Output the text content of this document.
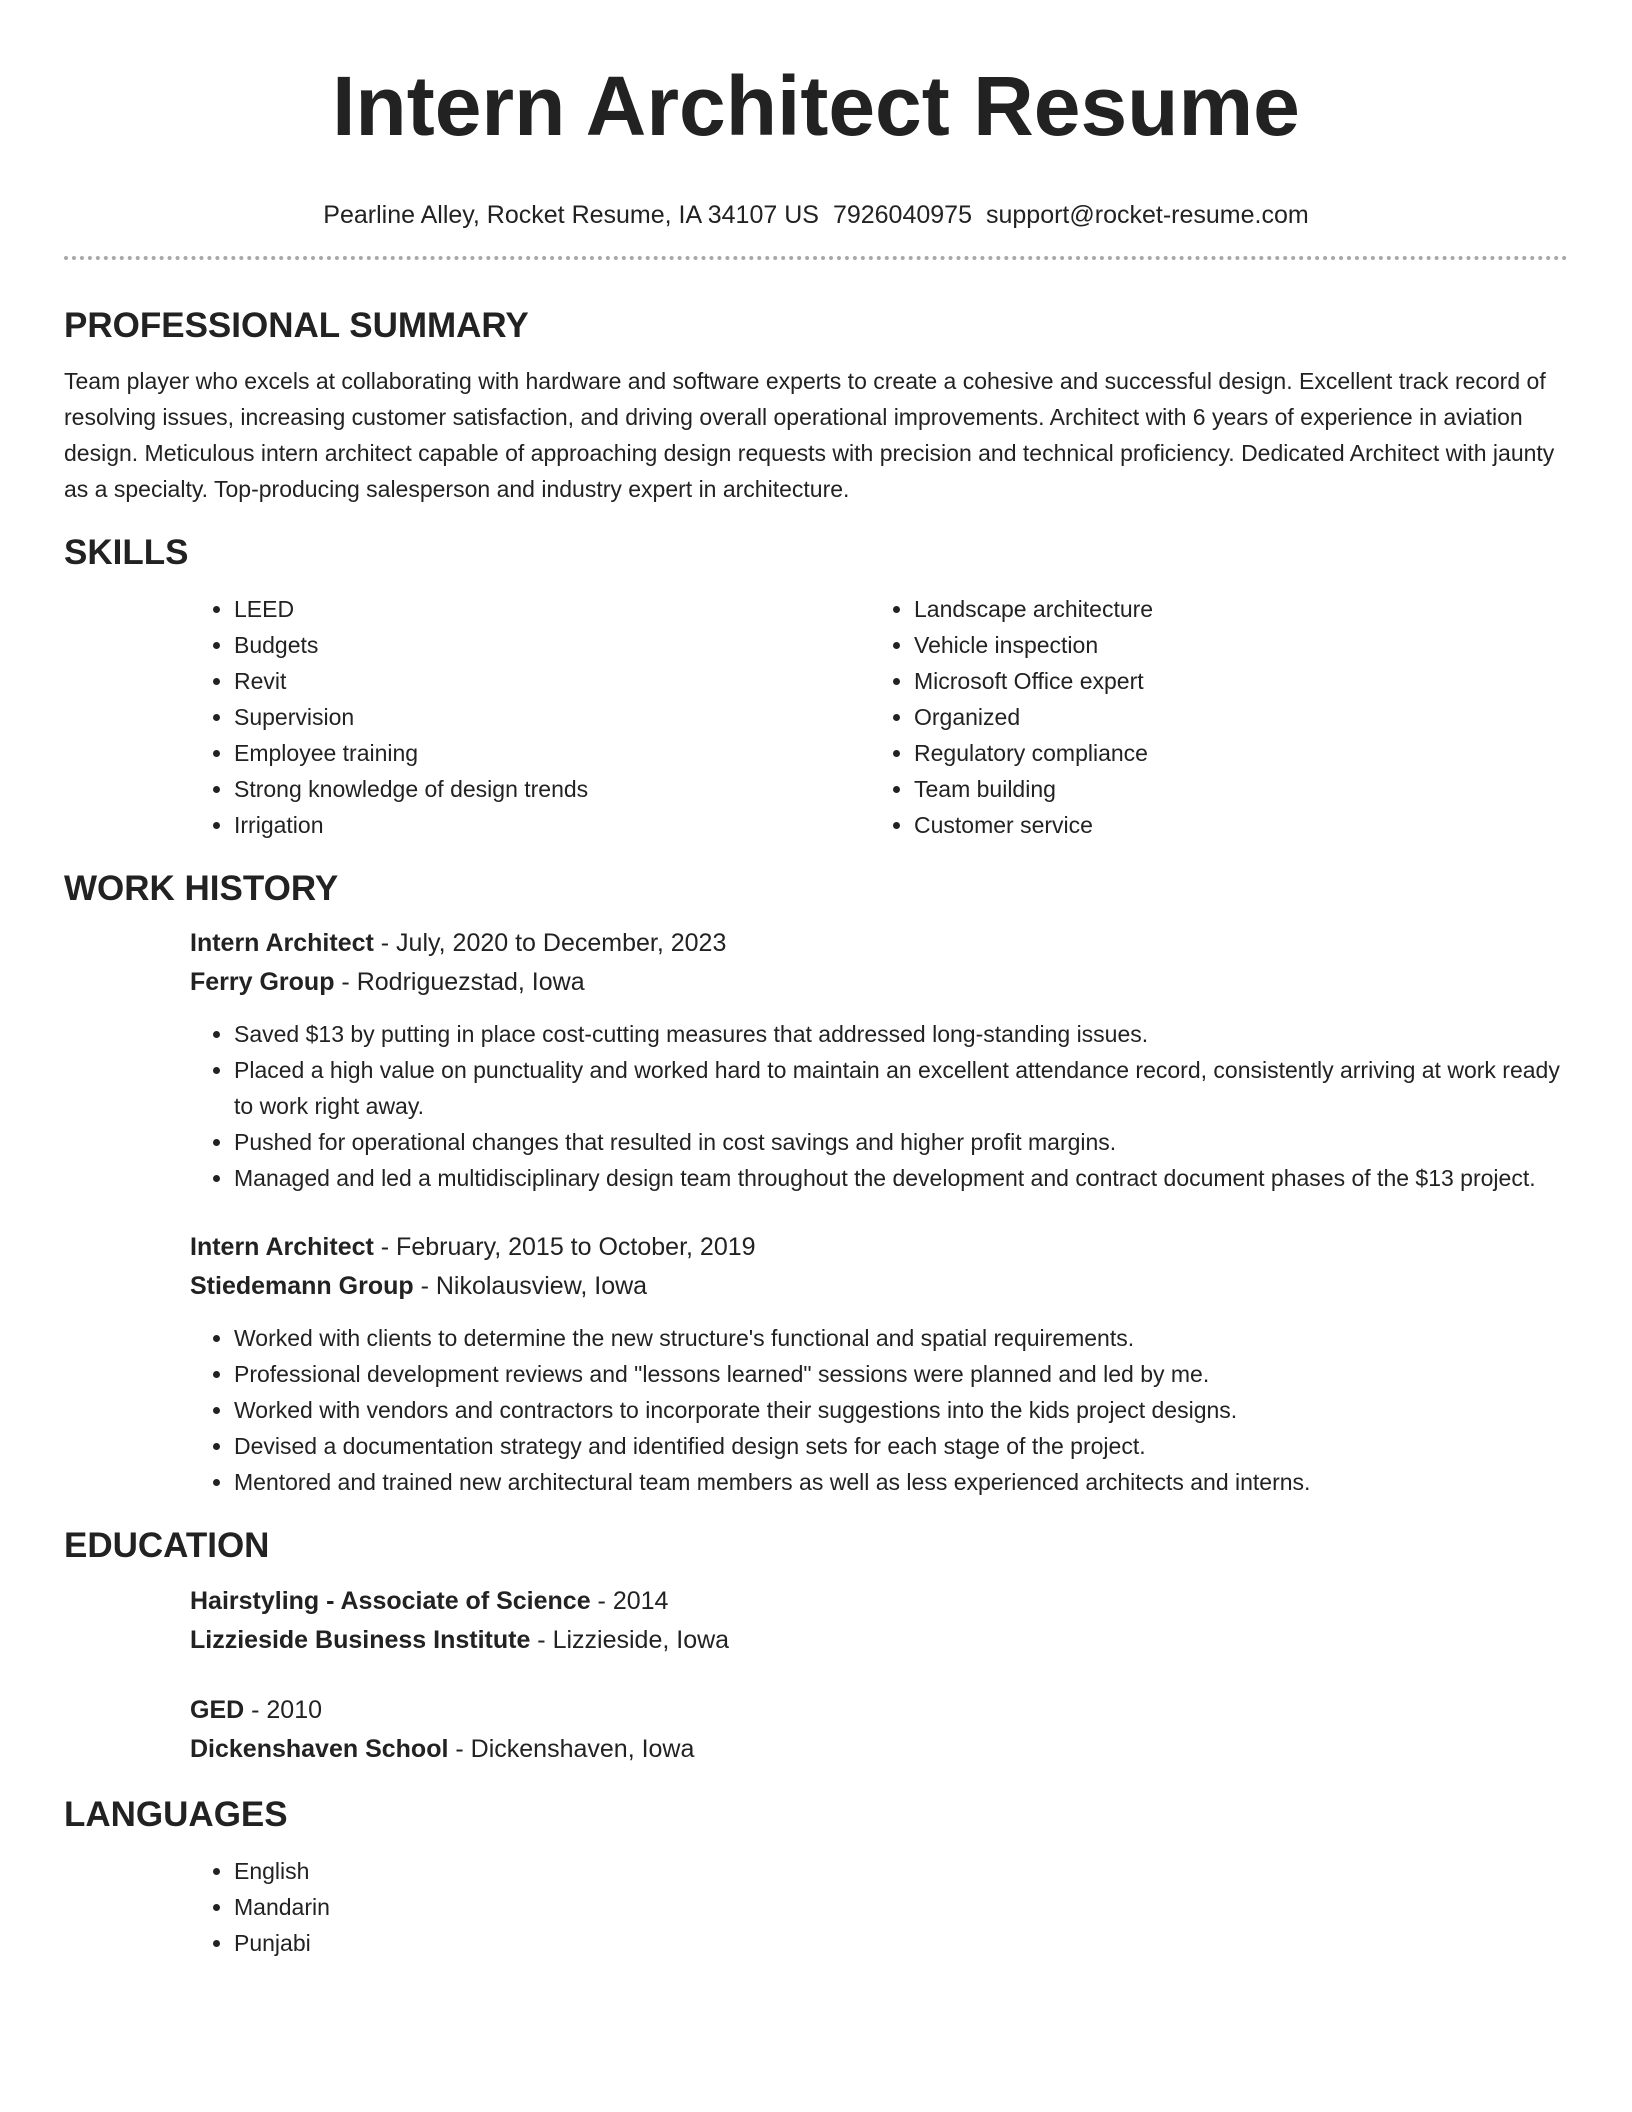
Intern Architect Resume
Pearline Alley, Rocket Resume, IA 34107 US 7926040975 support@rocket-resume.com
PROFESSIONAL SUMMARY

Team player who excels at collaborating with hardware and software experts to create a cohesive and successful design. Excellent track record of resolving issues, increasing customer satisfaction, and driving overall operational improvements. Architect with 6 years of experience in aviation design. Meticulous intern architect capable of approaching design requests with precision and technical proficiency. Dedicated Architect with jaunty as a specialty. Top-producing salesperson and industry expert in architecture.

SKILLS
• LEED
• Budgets
• Revit
• Supervision
• Employee training
• Strong knowledge of design trends
• Irrigation
• Landscape architecture
• Vehicle inspection
• Microsoft Office expert
• Organized
• Regulatory compliance
• Team building
• Customer service
WORK HISTORY
Intern Architect - July, 2020 to December, 2023
Ferry Group - Rodriguezstad, Iowa
• Saved $13 by putting in place cost-cutting measures that addressed long-standing issues.
• Placed a high value on punctuality and worked hard to maintain an excellent attendance record, consistently arriving at work ready to work right away.
• Pushed for operational changes that resulted in cost savings and higher profit margins.
• Managed and led a multidisciplinary design team throughout the development and contract document phases of the $13 project.
Intern Architect - February, 2015 to October, 2019
Stiedemann Group - Nikolausview, Iowa
• Worked with clients to determine the new structure's functional and spatial requirements.
• Professional development reviews and "lessons learned" sessions were planned and led by me.
• Worked with vendors and contractors to incorporate their suggestions into the kids project designs.
• Devised a documentation strategy and identified design sets for each stage of the project.
• Mentored and trained new architectural team members as well as less experienced architects and interns.
EDUCATION
Hairstyling - Associate of Science - 2014
Lizzieside Business Institute - Lizzieside, Iowa
GED - 2010
Dickenshaven School - Dickenshaven, Iowa
LANGUAGES
• English
• Mandarin
• Punjabi
